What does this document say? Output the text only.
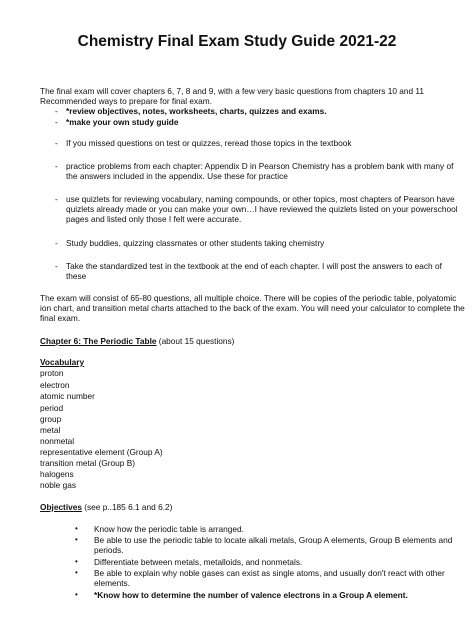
Chemistry Final Exam Study Guide 2021-22
The final exam will cover chapters 6, 7, 8 and 9, with a few very basic questions from chapters 10 and 11
Recommended ways to prepare for final exam.
- *review objectives, notes, worksheets, charts, quizzes and exams.
- *make your own study guide
- If you missed questions on test or quizzes, reread those topics in the textbook
- practice problems from each chapter: Appendix D in Pearson Chemistry has a problem bank with many of the answers included in the appendix. Use these for practice
- use quizlets for reviewing vocabulary, naming compounds, or other topics, most chapters of Pearson have quizlets already made or you can make your own…I have reviewed the quizlets listed on your powerschool pages and listed only those I felt were accurate.
- Study buddies, quizzing classmates or other students taking chemistry
- Take the standardized test in the textbook at the end of each chapter. I will post the answers to each of these
The exam will consist of 65-80 questions, all multiple choice. There will be copies of the periodic table, polyatomic ion chart, and transition metal charts attached to the back of the exam. You will need your calculator to complete the final exam.
Chapter 6: The Periodic Table (about 15 questions)
Vocabulary
proton
electron
atomic number
period
group
metal
nonmetal
representative element (Group A)
transition metal (Group B)
halogens
noble gas
Objectives (see p..185 6.1 and 6.2)
• Know how the periodic table is arranged.
• Be able to use the periodic table to locate alkali metals, Group A elements, Group B elements and periods.
• Differentiate between metals, metalloids, and nonmetals.
• Be able to explain why noble gases can exist as single atoms, and usually don't react with other elements.
• *Know how to determine the number of valence electrons in a Group A element.
